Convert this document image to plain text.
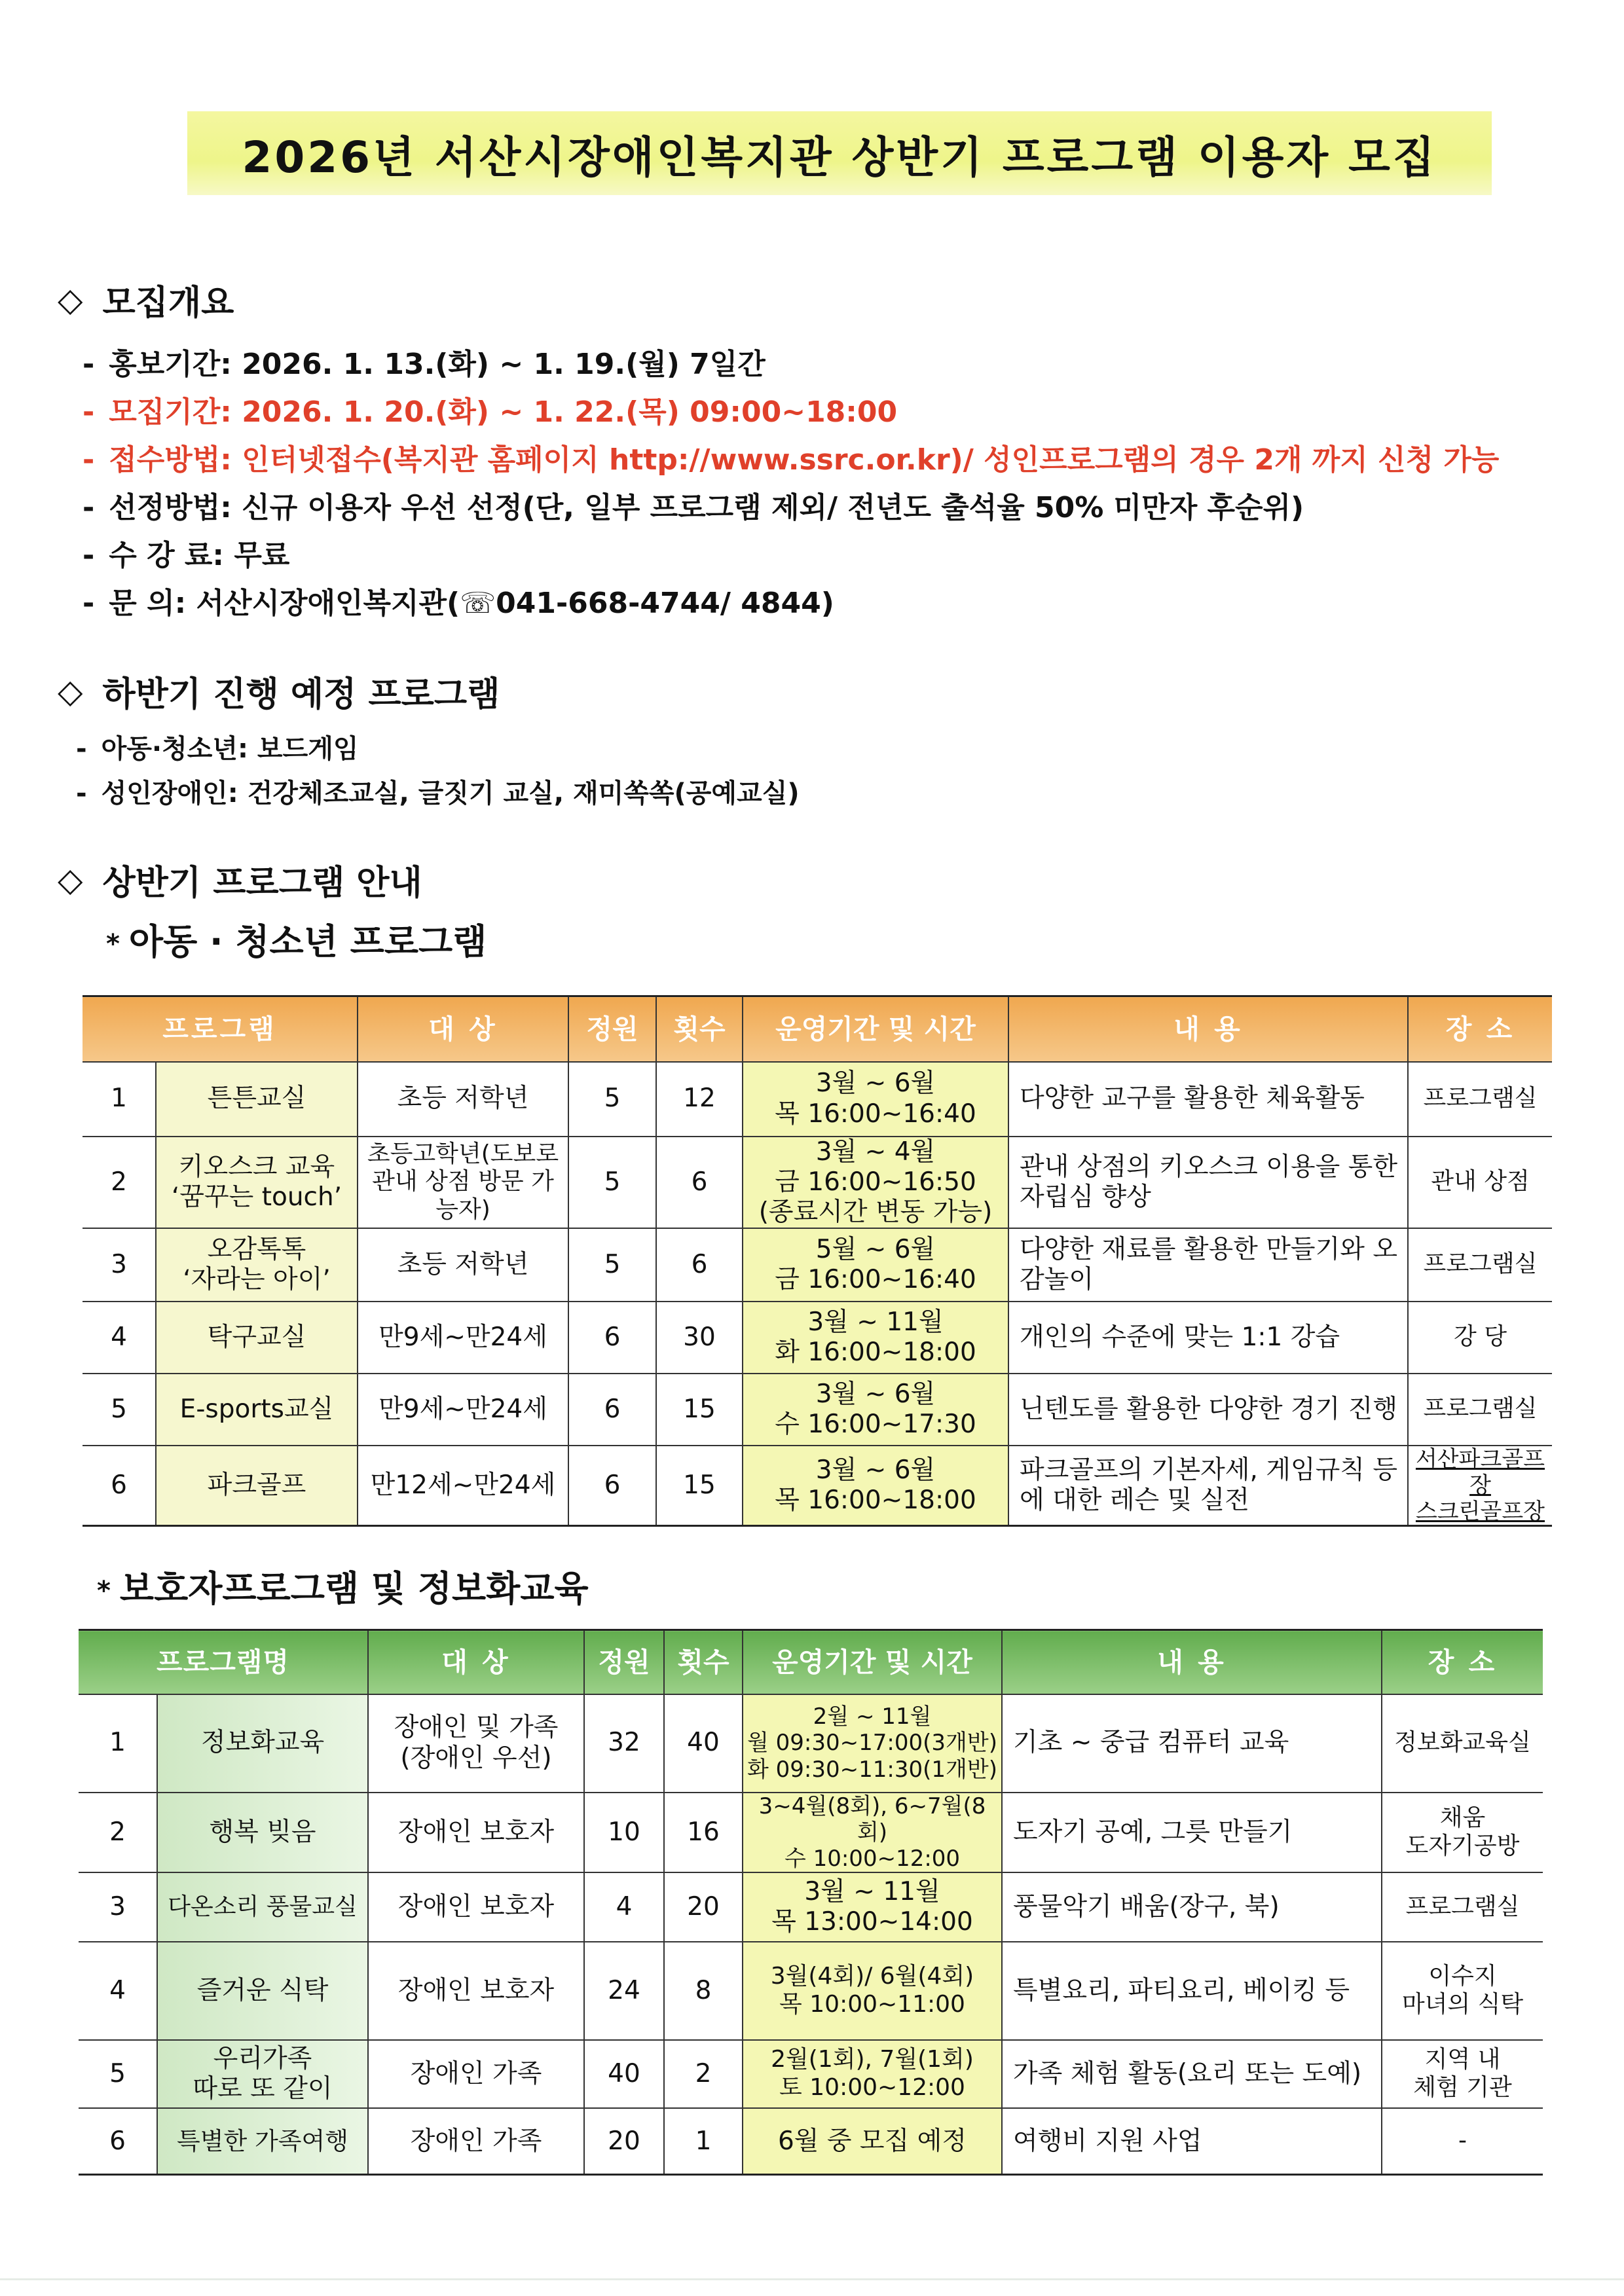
2026년 서산시장애인복지관 상반기 프로그램 이용자 모집
◇ 모집개요
- 홍보기간: 2026. 1. 13.(화) ~ 1. 19.(월) 7일간
- 모집기간: 2026. 1. 20.(화) ~ 1. 22.(목) 09:00~18:00
- 접수방법: 인터넷접수(복지관 홈페이지 http://www.ssrc.or.kr)/ 성인프로그램의 경우 2개 까지 신청 가능
- 선정방법: 신규 이용자 우선 선정(단, 일부 프로그램 제외/ 전년도 출석율 50% 미만자 후순위)
- 수 강 료: 무료
- 문 의: 서산시장애인복지관(☏041-668-4744/ 4844)
◇ 하반기 진행 예정 프로그램
- 아동·청소년: 보드게임
- 성인장애인: 건강체조교실, 글짓기 교실, 재미쏙쏙(공예교실)
◇ 상반기 프로그램 안내
* 아동 · 청소년 프로그램
프로그램		대 상	정원	횟수	운영기간 및 시간	내 용	장 소
1	튼튼교실	초등 저학년	5	12	3월 ~ 6월
목 16:00~16:40	다양한 교구를 활용한 체육활동	프로그램실
2	키오스크 교육
‘꿈꾸는 touch’	초등고학년(도보로 관내 상점 방문 가능자)	5	6	3월 ~ 4월
금 16:00~16:50
(종료시간 변동 가능)	관내 상점의 키오스크 이용을 통한 자립심 향상	관내 상점
3	오감톡톡
‘자라는 아이’	초등 저학년	5	6	5월 ~ 6월
금 16:00~16:40	다양한 재료를 활용한 만들기와 오감놀이	프로그램실
4	탁구교실	만9세~만24세	6	30	3월 ~ 11월
화 16:00~18:00	개인의 수준에 맞는 1:1 강습	강 당
5	E-sports교실	만9세~만24세	6	15	3월 ~ 6월
수 16:00~17:30	닌텐도를 활용한 다양한 경기 진행	프로그램실
6	파크골프	만12세~만24세	6	15	3월 ~ 6월
목 16:00~18:00	파크골프의 기본자세, 게임규칙 등에 대한 레슨 및 실전	서산파크골프장
스크린골프장
* 보호자프로그램 및 정보화교육
프로그램명		대 상	정원	횟수	운영기간 및 시간	내 용	장 소
1	정보화교육	장애인 및 가족
(장애인 우선)	32	40	2월 ~ 11월
월 09:30~17:00(3개반)
화 09:30~11:30(1개반)	기초 ~ 중급 컴퓨터 교육	정보화교육실
2	행복 빚음	장애인 보호자	10	16	3~4월(8회), 6~7월(8회)
수 10:00~12:00	도자기 공예, 그릇 만들기	채움
도자기공방
3	다온소리 풍물교실	장애인 보호자	4	20	3월 ~ 11월
목 13:00~14:00	풍물악기 배움(장구, 북)	프로그램실
4	즐거운 식탁	장애인 보호자	24	8	3월(4회)/ 6월(4회)
목 10:00~11:00	특별요리, 파티요리, 베이킹 등	이수지
마녀의 식탁
5	우리가족
따로 또 같이	장애인 가족	40	2	2월(1회), 7월(1회)
토 10:00~12:00	가족 체험 활동(요리 또는 도예)	지역 내
체험 기관
6	특별한 가족여행	장애인 가족	20	1	6월 중 모집 예정	여행비 지원 사업	-
